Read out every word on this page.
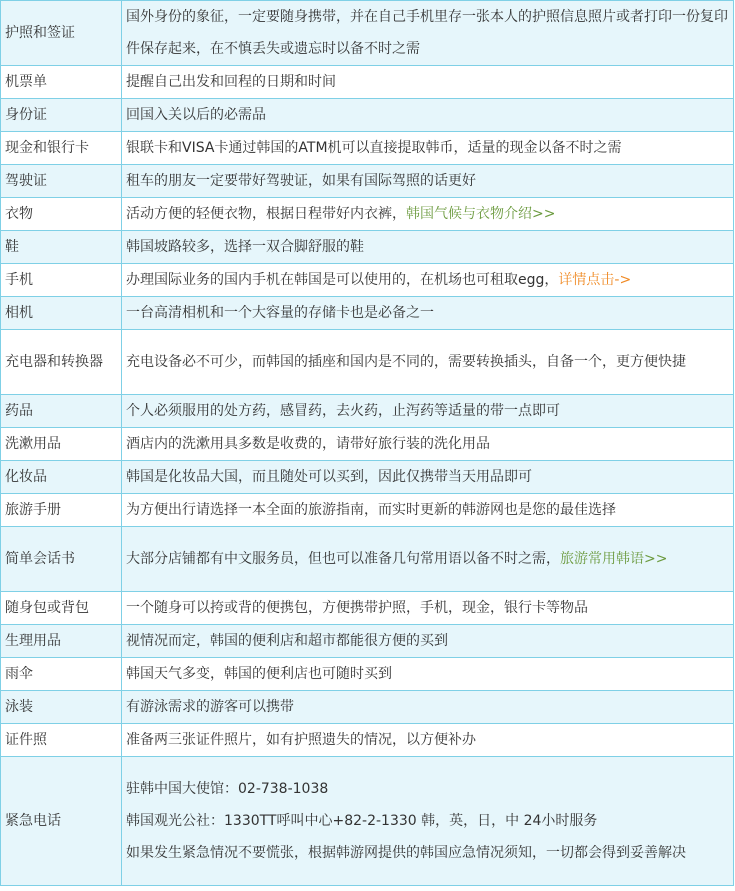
护照和签证	国外身份的象征，一定要随身携带，并在自己手机里存一张本人的护照信息照片或者打印一份复印件保存起来，在不慎丢失或遗忘时以备不时之需
机票单	提醒自己出发和回程的日期和时间
身份证	回国入关以后的必需品
现金和银行卡	银联卡和VISA卡通过韩国的ATM机可以直接提取韩币，适量的现金以备不时之需
驾驶证	租车的朋友一定要带好驾驶证，如果有国际驾照的话更好
衣物	活动方便的轻便衣物，根据日程带好内衣裤，韩国气候与衣物介绍>>
鞋	韩国坡路较多，选择一双合脚舒服的鞋
手机	办理国际业务的国内手机在韩国是可以使用的，在机场也可租取egg，详情点击->
相机	一台高清相机和一个大容量的存储卡也是必备之一
充电器和转换器	充电设备必不可少，而韩国的插座和国内是不同的，需要转换插头，自备一个，更方便快捷
药品	个人必须服用的处方药，感冒药，去火药，止泻药等适量的带一点即可
洗漱用品	酒店内的洗漱用具多数是收费的，请带好旅行装的洗化用品
化妆品	韩国是化妆品大国，而且随处可以买到，因此仅携带当天用品即可
旅游手册	为方便出行请选择一本全面的旅游指南，而实时更新的韩游网也是您的最佳选择
简单会话书	大部分店铺都有中文服务员，但也可以准备几句常用语以备不时之需，旅游常用韩语>>
随身包或背包	一个随身可以挎或背的便携包，方便携带护照，手机，现金，银行卡等物品
生理用品	视情况而定，韩国的便利店和超市都能很方便的买到
雨伞	韩国天气多变，韩国的便利店也可随时买到
泳装	有游泳需求的游客可以携带
证件照	准备两三张证件照片，如有护照遗失的情况，以方便补办
紧急电话	驻韩中国大使馆：02-738-1038
韩国观光公社：1330TT呼叫中心+82-2-1330 韩，英，日，中 24小时服务
如果发生紧急情况不要慌张，根据韩游网提供的韩国应急情况须知，一切都会得到妥善解决
